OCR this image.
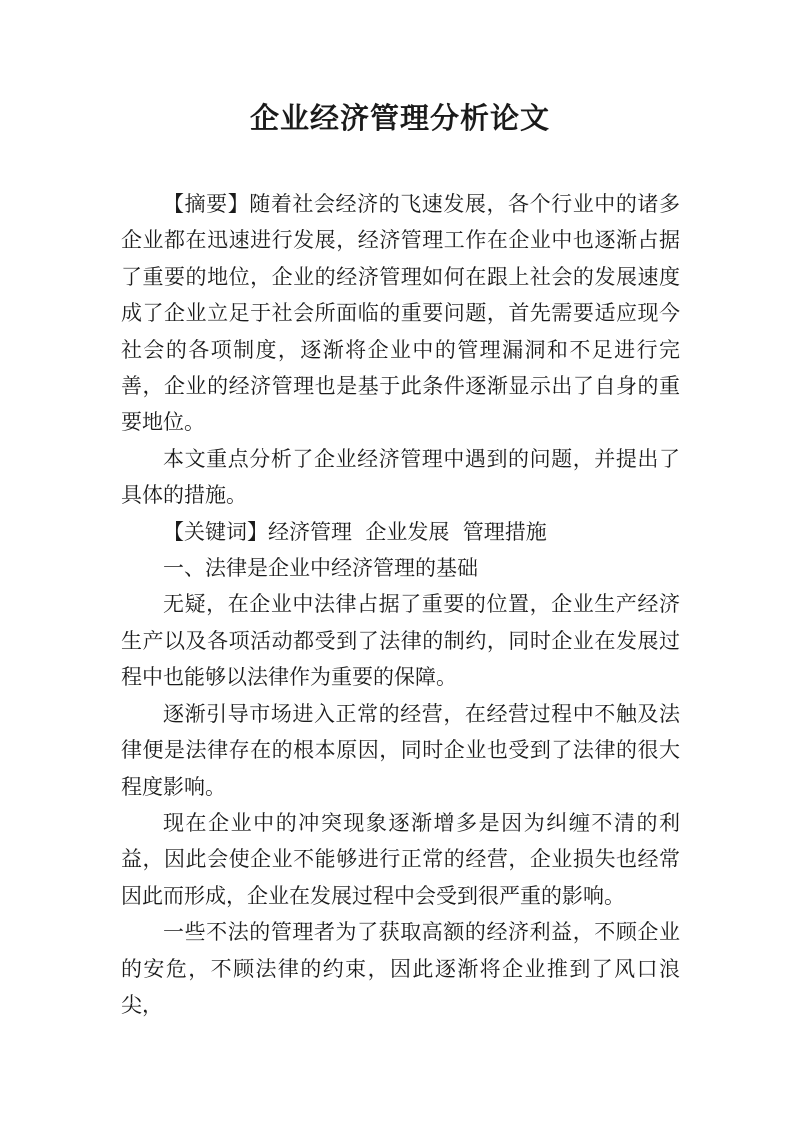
企业经济管理分析论文

【摘要】随着社会经济的飞速发展，各个行业中的诸多企业都在迅速进行发展，经济管理工作在企业中也逐渐占据了重要的地位，企业的经济管理如何在跟上社会的发展速度成了企业立足于社会所面临的重要问题，首先需要适应现今社会的各项制度，逐渐将企业中的管理漏洞和不足进行完善，企业的经济管理也是基于此条件逐渐显示出了自身的重要地位。

本文重点分析了企业经济管理中遇到的问题，并提出了具体的措施。

【关键词】经济管理  企业发展  管理措施

一、法律是企业中经济管理的基础

无疑，在企业中法律占据了重要的位置，企业生产经济生产以及各项活动都受到了法律的制约，同时企业在发展过程中也能够以法律作为重要的保障。

逐渐引导市场进入正常的经营，在经营过程中不触及法律便是法律存在的根本原因，同时企业也受到了法律的很大程度影响。

现在企业中的冲突现象逐渐增多是因为纠缠不清的利益，因此会使企业不能够进行正常的经营，企业损失也经常因此而形成，企业在发展过程中会受到很严重的影响。

一些不法的管理者为了获取高额的经济利益，不顾企业的安危，不顾法律的约束，因此逐渐将企业推到了风口浪尖，
